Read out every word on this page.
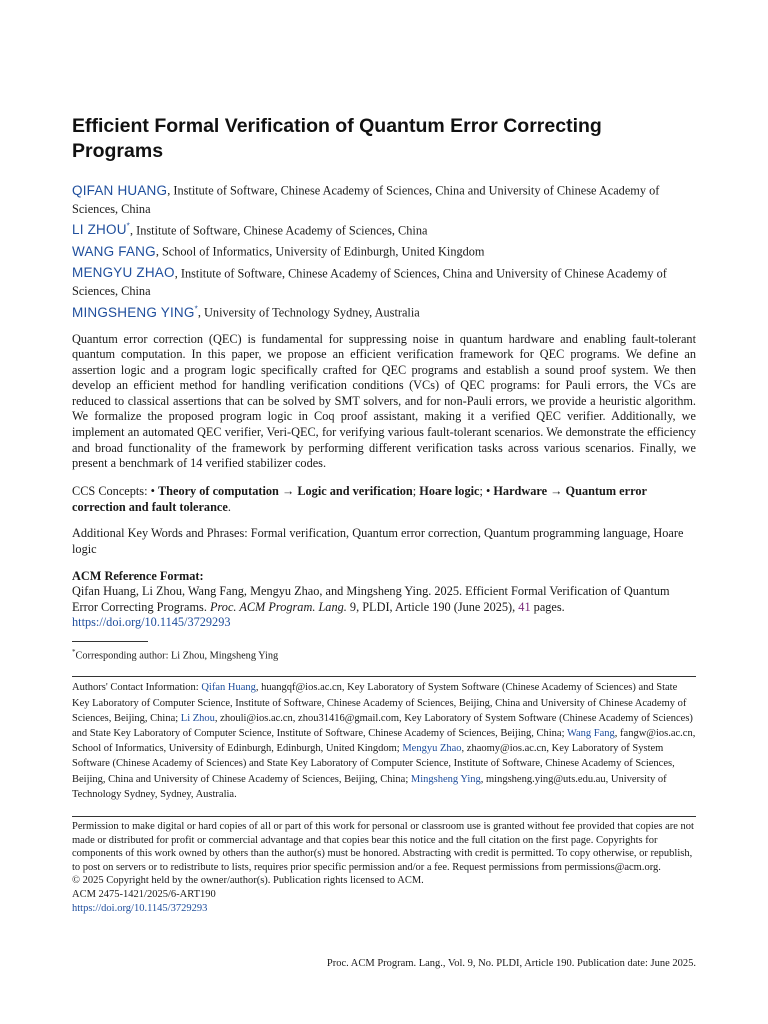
Efficient Formal Verification of Quantum Error Correcting Programs
QIFAN HUANG, Institute of Software, Chinese Academy of Sciences, China and University of Chinese Academy of Sciences, China
LI ZHOU*, Institute of Software, Chinese Academy of Sciences, China
WANG FANG, School of Informatics, University of Edinburgh, United Kingdom
MENGYU ZHAO, Institute of Software, Chinese Academy of Sciences, China and University of Chinese Academy of Sciences, China
MINGSHENG YING*, University of Technology Sydney, Australia

Quantum error correction (QEC) is fundamental for suppressing noise in quantum hardware and enabling fault-tolerant quantum computation. In this paper, we propose an efficient verification framework for QEC programs. We define an assertion logic and a program logic specifically crafted for QEC programs and establish a sound proof system. We then develop an efficient method for handling verification conditions (VCs) of QEC programs: for Pauli errors, the VCs are reduced to classical assertions that can be solved by SMT solvers, and for non-Pauli errors, we provide a heuristic algorithm. We formalize the proposed program logic in Coq proof assistant, making it a verified QEC verifier. Additionally, we implement an automated QEC verifier, Veri-QEC, for verifying various fault-tolerant scenarios. We demonstrate the efficiency and broad functionality of the framework by performing different verification tasks across various scenarios. Finally, we present a benchmark of 14 verified stabilizer codes.

CCS Concepts: • Theory of computation → Logic and verification; Hoare logic; • Hardware → Quantum error correction and fault tolerance.
Additional Key Words and Phrases: Formal verification, Quantum error correction, Quantum programming language, Hoare logic
ACM Reference Format:
Qifan Huang, Li Zhou, Wang Fang, Mengyu Zhao, and Mingsheng Ying. 2025. Efficient Formal Verification of Quantum Error Correcting Programs. Proc. ACM Program. Lang. 9, PLDI, Article 190 (June 2025), 41 pages.
https://doi.org/10.1145/3729293
*Corresponding author: Li Zhou, Mingsheng Ying
Authors' Contact Information: Qifan Huang, huangqf@ios.ac.cn, Key Laboratory of System Software (Chinese Academy of Sciences) and State Key Laboratory of Computer Science, Institute of Software, Chinese Academy of Sciences, Beijing, China and University of Chinese Academy of Sciences, Beijing, China; Li Zhou, zhouli@ios.ac.cn, zhou31416@gmail.com, Key Laboratory of System Software (Chinese Academy of Sciences) and State Key Laboratory of Computer Science, Institute of Software, Chinese Academy of Sciences, Beijing, China; Wang Fang, fangw@ios.ac.cn, School of Informatics, University of Edinburgh, Edinburgh, United Kingdom; Mengyu Zhao, zhaomy@ios.ac.cn, Key Laboratory of System Software (Chinese Academy of Sciences) and State Key Laboratory of Computer Science, Institute of Software, Chinese Academy of Sciences, Beijing, China and University of Chinese Academy of Sciences, Beijing, China; Mingsheng Ying, mingsheng.ying@uts.edu.au, University of Technology Sydney, Sydney, Australia.
Permission to make digital or hard copies of all or part of this work for personal or classroom use is granted without fee provided that copies are not made or distributed for profit or commercial advantage and that copies bear this notice and the full citation on the first page. Copyrights for components of this work owned by others than the author(s) must be honored. Abstracting with credit is permitted. To copy otherwise, or republish, to post on servers or to redistribute to lists, requires prior specific permission and/or a fee. Request permissions from permissions@acm.org.
© 2025 Copyright held by the owner/author(s). Publication rights licensed to ACM.
ACM 2475-1421/2025/6-ART190
https://doi.org/10.1145/3729293
Proc. ACM Program. Lang., Vol. 9, No. PLDI, Article 190. Publication date: June 2025.
